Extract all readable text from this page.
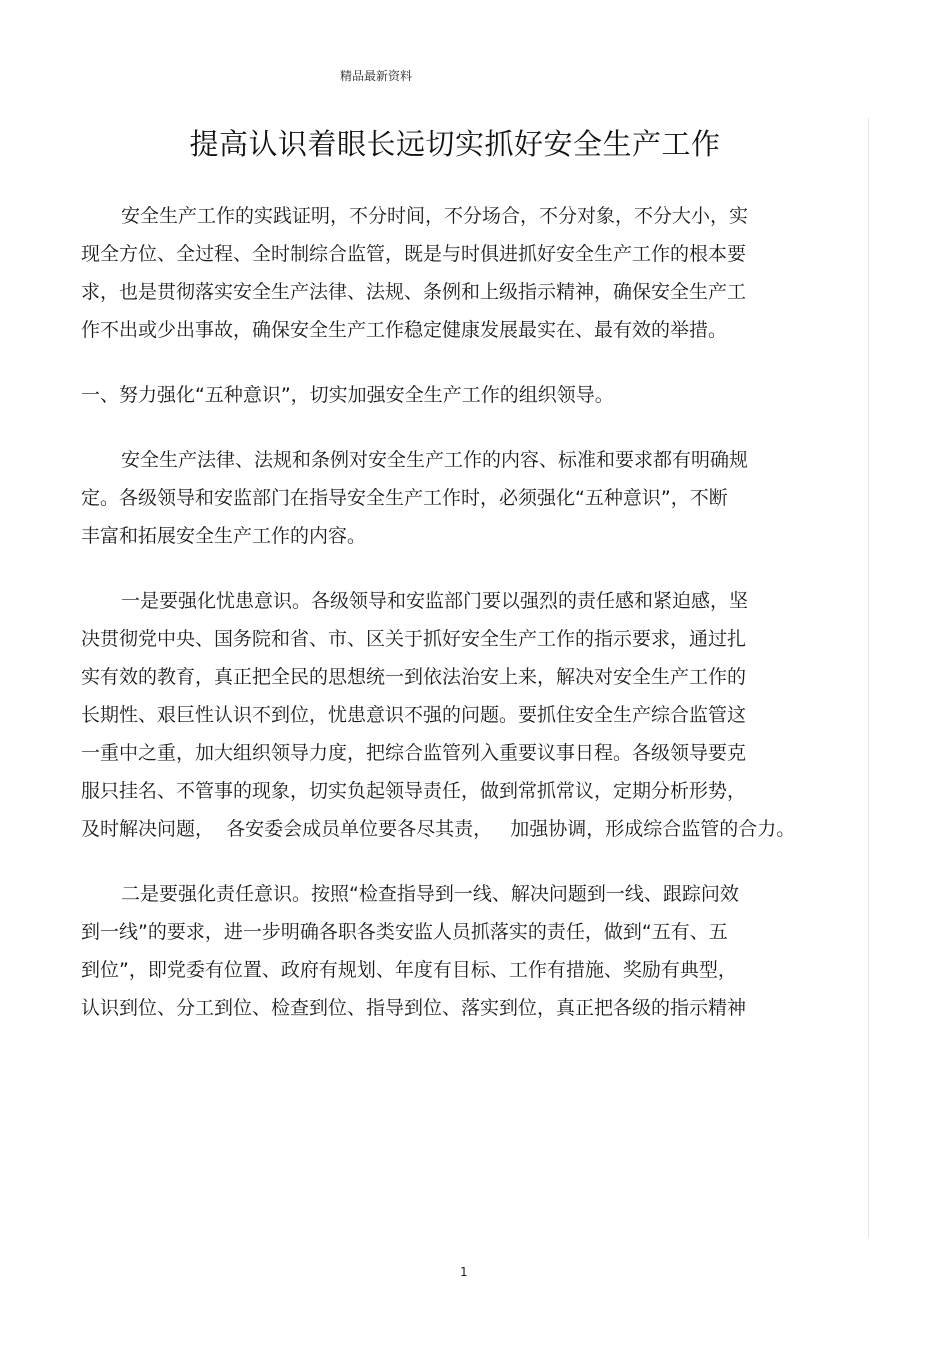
精品最新资料
提高认识着眼长远切实抓好安全生产工作
安全生产工作的实践证明，不分时间，不分场合，不分对象，不分大小，实
现全方位、全过程、全时制综合监管，既是与时俱进抓好安全生产工作的根本要
求，也是贯彻落实安全生产法律、法规、条例和上级指示精神，确保安全生产工
作不出或少出事故，确保安全生产工作稳定健康发展最实在、最有效的举措。
一、努力强化“五种意识”，切实加强安全生产工作的组织领导。
安全生产法律、法规和条例对安全生产工作的内容、标准和要求都有明确规
定。各级领导和安监部门在指导安全生产工作时，必须强化“五种意识”，不断
丰富和拓展安全生产工作的内容。
一是要强化忧患意识。各级领导和安监部门要以强烈的责任感和紧迫感，坚
决贯彻党中央、国务院和省、市、区关于抓好安全生产工作的指示要求，通过扎
实有效的教育，真正把全民的思想统一到依法治安上来，解决对安全生产工作的
长期性、艰巨性认识不到位，忧患意识不强的问题。要抓住安全生产综合监管这
一重中之重，加大组织领导力度，把综合监管列入重要议事日程。各级领导要克
服只挂名、不管事的现象，切实负起领导责任，做到常抓常议，定期分析形势，
及时解决问题，  各安委会成员单位要各尽其责，   加强协调，形成综合监管的合力。
二是要强化责任意识。按照“检查指导到一线、解决问题到一线、跟踪问效
到一线”的要求，进一步明确各职各类安监人员抓落实的责任，做到“五有、五
到位”，即党委有位置、政府有规划、年度有目标、工作有措施、奖励有典型，
认识到位、分工到位、检查到位、指导到位、落实到位，真正把各级的指示精神
1
